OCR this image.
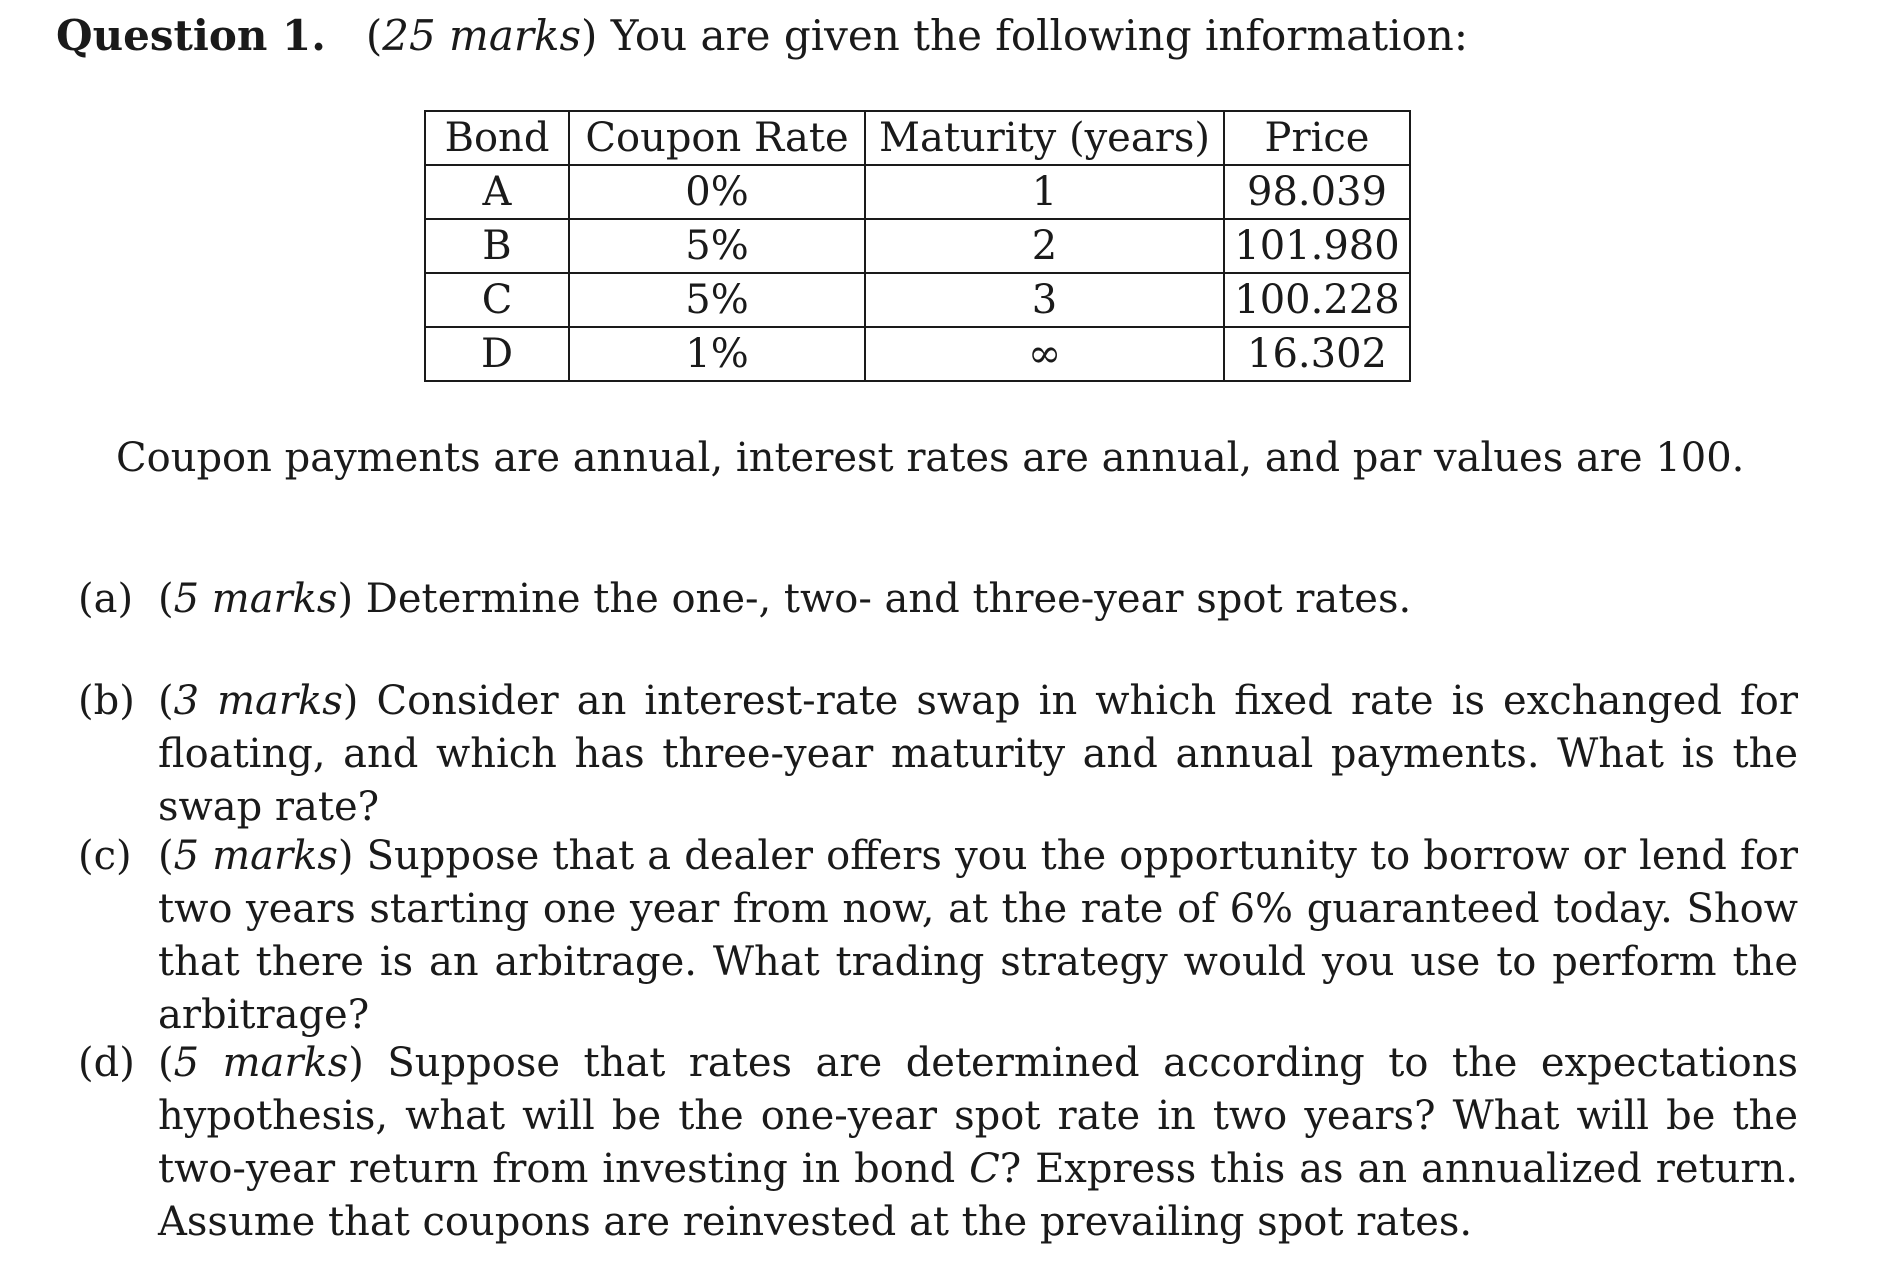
Question 1. (25 marks) You are given the following information:
Bond	Coupon Rate	Maturity (years)	Price
A	0%	1	98.039
B	5%	2	101.980
C	5%	3	100.228
D	1%	∞	16.302
Coupon payments are annual, interest rates are annual, and par values are 100.
(a) (5 marks) Determine the one-, two- and three-year spot rates.
(b) (3 marks) Consider an interest-rate swap in which fixed rate is exchanged for floating, and which has three-year maturity and annual payments. What is the swap rate?
(c) (5 marks) Suppose that a dealer offers you the opportunity to borrow or lend for two years starting one year from now, at the rate of 6% guaranteed today. Show that there is an arbitrage. What trading strategy would you use to perform the arbitrage?
(d) (5 marks) Suppose that rates are determined according to the expectations hypothesis, what will be the one-year spot rate in two years? What will be the two-year return from investing in bond C? Express this as an annualized return. Assume that coupons are reinvested at the prevailing spot rates.
